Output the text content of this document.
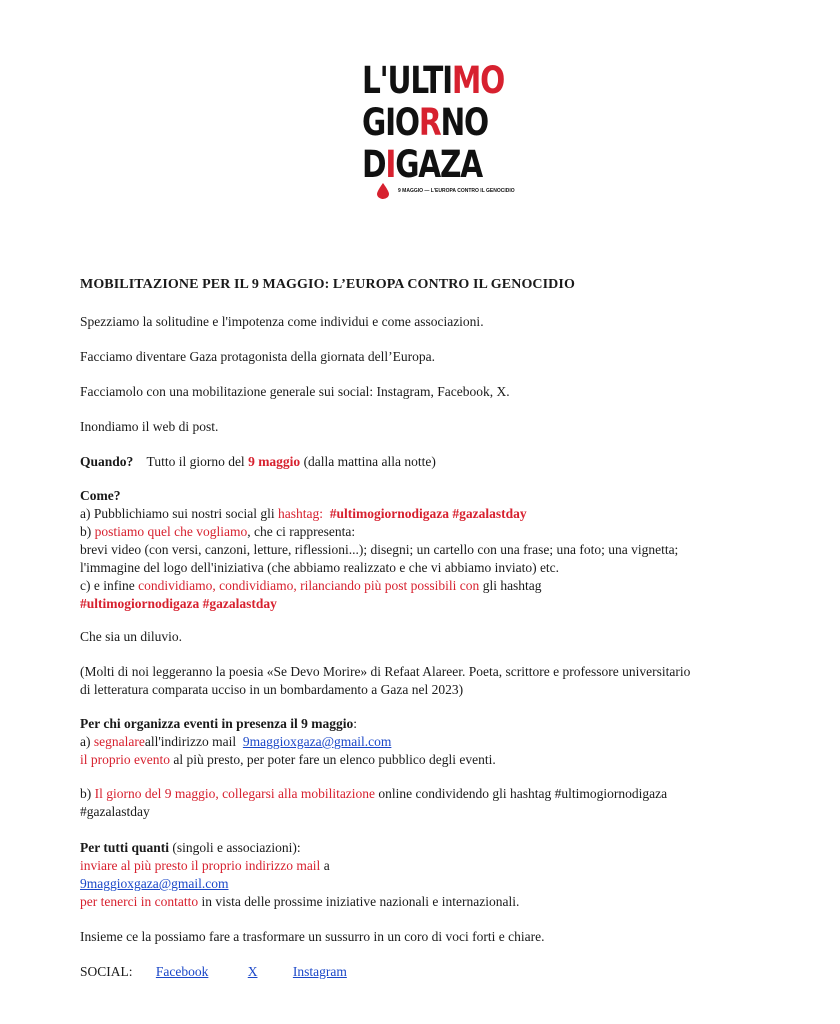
L'ULTIMO
GIORNO
DIGAZA
9 MAGGIO — L'EUROPA CONTRO IL GENOCIDIO

MOBILITAZIONE PER IL 9 MAGGIO: L’EUROPA CONTRO IL GENOCIDIO

Spezziamo la solitudine e l'impotenza come individui e come associazioni.

Facciamo diventare Gaza protagonista della giornata dell’Europa.

Facciamolo con una mobilitazione generale sui social: Instagram, Facebook, X.

Inondiamo il web di post.

Quando? Tutto il giorno del 9 maggio (dalla mattina alla notte)

Come?
a) Pubblichiamo sui nostri social gli hashtag: #ultimogiornodigaza #gazalastday
b) postiamo quel che vogliamo, che ci rappresenta:
brevi video (con versi, canzoni, letture, riflessioni...); disegni; un cartello con una frase; una foto; una vignetta;
l'immagine del logo dell'iniziativa (che abbiamo realizzato e che vi abbiamo inviato) etc.
c) e infine condividiamo, condividiamo, rilanciando più post possibili con gli hashtag
#ultimogiornodigaza #gazalastday

Che sia un diluvio.

(Molti di noi leggeranno la poesia «Se Devo Morire» di Refaat Alareer. Poeta, scrittore e professore universitario
di letteratura comparata ucciso in un bombardamento a Gaza nel 2023)
Per chi organizza eventi in presenza il 9 maggio:
a) segnalareall'indirizzo mail 9maggioxgaza@gmail.com
il proprio evento al più presto, per poter fare un elenco pubblico degli eventi.
b) Il giorno del 9 maggio, collegarsi alla mobilitazione online condividendo gli hashtag #ultimogiornodigaza
#gazalastday
Per tutti quanti (singoli e associazioni):
inviare al più presto il proprio indirizzo mail a
9maggioxgaza@gmail.com
per tenerci in contatto in vista delle prossime iniziative nazionali e internazionali.

Insieme ce la possiamo fare a trasformare un sussurro in un coro di voci forti e chiare.

SOCIAL: Facebook	X	Instagram
